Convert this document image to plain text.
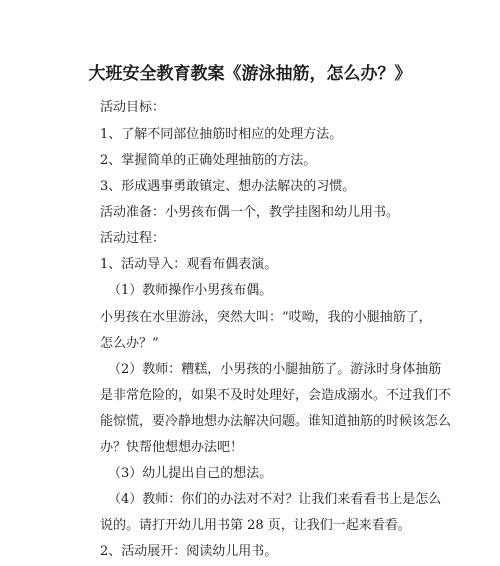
大班安全教育教案《游泳抽筋，怎么办？》
活动目标：
1、了解不同部位抽筋时相应的处理方法。
2、掌握简单的正确处理抽筋的方法。
3、形成遇事勇敢镇定、想办法解决的习惯。
活动准备：小男孩布偶一个，教学挂图和幼儿用书。
活动过程：
1、活动导入：观看布偶表演。
（1）教师操作小男孩布偶。
小男孩在水里游泳，突然大叫：“哎呦，我的小腿抽筋了，
怎么办？”
（2）教师：糟糕，小男孩的小腿抽筋了。游泳时身体抽筋
是非常危险的，如果不及时处理好，会造成溺水。不过我们不
能惊慌，要冷静地想办法解决问题。谁知道抽筋的时候该怎么
办？快帮他想想办法吧！
（3）幼儿提出自己的想法。
（4）教师：你们的办法对不对？让我们来看看书上是怎么
说的。请打开幼儿用书第 28 页，让我们一起来看看。
2、活动展开：阅读幼儿用书。
